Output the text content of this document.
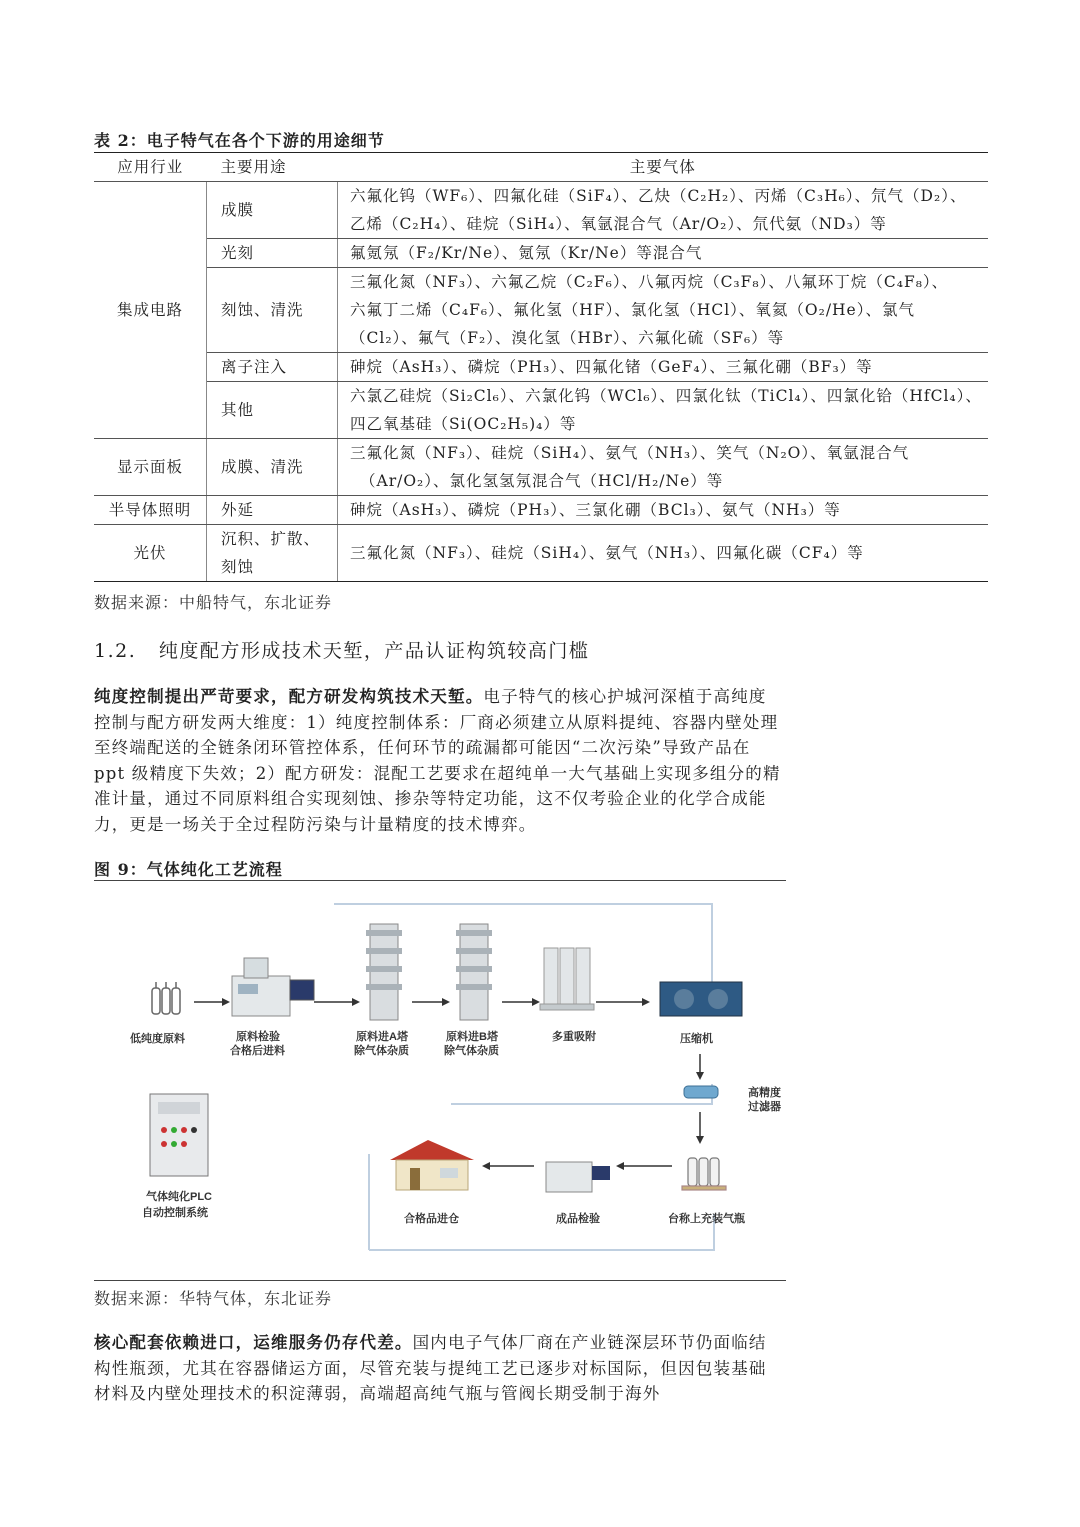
表 2：电子特气在各个下游的用途细节
应用行业	主要用途	主要气体
集成电路	成膜	六氟化钨（WF₆）、四氟化硅（SiF₄）、乙炔（C₂H₂）、丙烯（C₃H₆）、氘气（D₂）、
乙烯（C₂H₄）、硅烷（SiH₄）、氧氩混合气（Ar/O₂）、氘代氨（ND₃）等

	光刻	氟氪氖（F₂/Kr/Ne）、氪氖（Kr/Ne）等混合气

	刻蚀、清洗	三氟化氮（NF₃）、六氟乙烷（C₂F₆）、八氟丙烷（C₃F₈）、八氟环丁烷（C₄F₈）、
六氟丁二烯（C₄F₆）、氟化氢（HF）、氯化氢（HCl）、氧氦（O₂/He）、氯气
（Cl₂）、氟气（F₂）、溴化氢（HBr）、六氟化硫（SF₆）等

	离子注入	砷烷（AsH₃）、磷烷（PH₃）、四氟化锗（GeF₄）、三氟化硼（BF₃）等

	其他	六氯乙硅烷（Si₂Cl₆）、六氯化钨（WCl₆）、四氯化钛（TiCl₄）、四氯化铪（HfCl₄）、
四乙氧基硅（Si(OC₂H₅)₄）等

显示面板	成膜、清洗	三氟化氮（NF₃）、硅烷（SiH₄）、氨气（NH₃）、笑气（N₂O）、氧氩混合气
（Ar/O₂）、氯化氢氢氖混合气（HCl/H₂/Ne）等

半导体照明	外延	砷烷（AsH₃）、磷烷（PH₃）、三氯化硼（BCl₃）、氨气（NH₃）等

光伏	沉积、扩散、刻蚀	三氟化氮（NF₃）、硅烷（SiH₄）、氨气（NH₃）、四氟化碳（CF₄）等
数据来源：中船特气，东北证券
1.2.   纯度配方形成技术天堑，产品认证构筑较高门槛
纯度控制提出严苛要求，配方研发构筑技术天堑。电子特气的核心护城河深植于高纯度控制与配方研发两大维度：1）纯度控制体系：厂商必须建立从原料提纯、容器内壁处理至终端配送的全链条闭环管控体系，任何环节的疏漏都可能因“二次污染”导致产品在 ppt 级精度下失效；2）配方研发：混配工艺要求在超纯单一大气基础上实现多组分的精准计量，通过不同原料组合实现刻蚀、掺杂等特定功能，这不仅考验企业的化学合成能力，更是一场关于全过程防污染与计量精度的技术博弈。
图 9：气体纯化工艺流程
低纯度原料	原料检验
合格后进料
原料进A塔
除气体杂质
原料进B塔
除气体杂质
多重吸附	压缩机
高精度
过滤器
气体纯化PLC
自动控制系统	台称上充装气瓶
成品检验
合格品进仓
数据来源：华特气体，东北证券
核心配套依赖进口，运维服务仍存代差。国内电子气体厂商在产业链深层环节仍面临结构性瓶颈，尤其在容器储运方面，尽管充装与提纯工艺已逐步对标国际，但因包装基础材料及内壁处理技术的积淀薄弱，高端超高纯气瓶与管阀长期受制于海外
